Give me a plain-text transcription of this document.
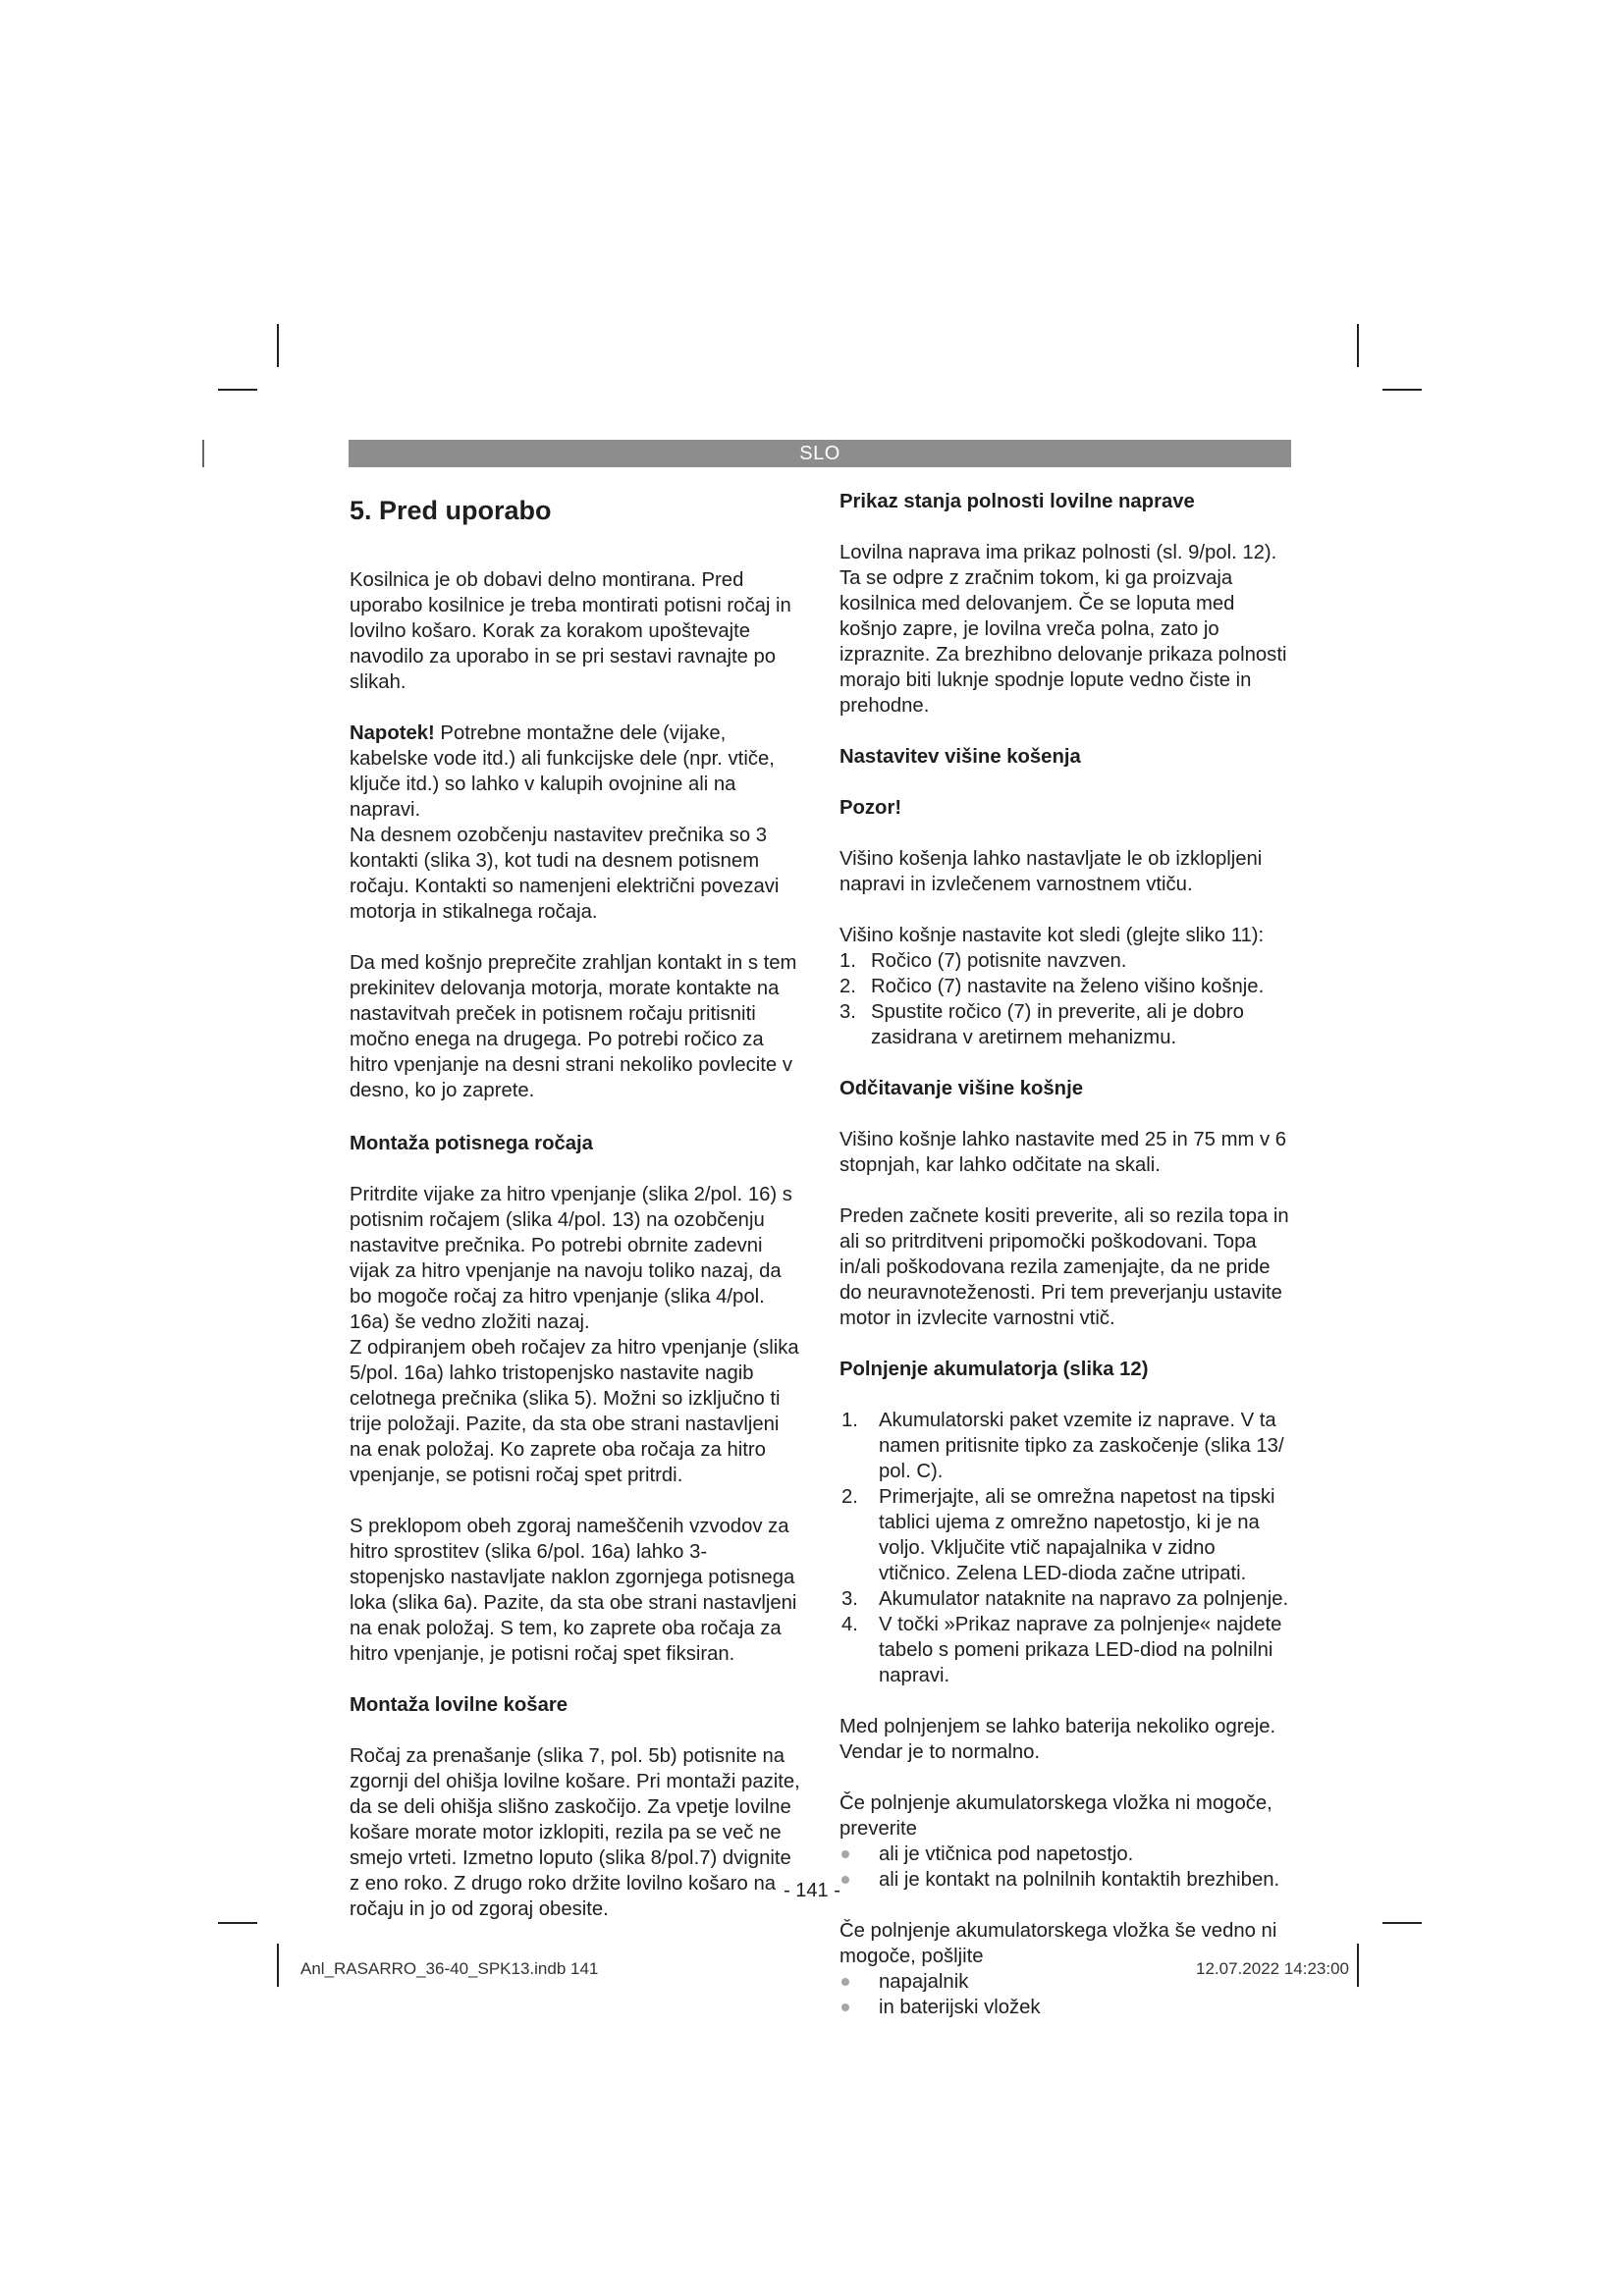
SLO
5. Pred uporabo

Kosilnica je ob dobavi delno montirana. Pred uporabo kosilnice je treba montirati potisni ročaj in lovilno košaro. Korak za korakom upoštevajte navodilo za uporabo in se pri sestavi ravnajte po slikah.

Napotek! Potrebne montažne dele (vijake, kabelske vode itd.) ali funkcijske dele (npr. vtiče, ključe itd.) so lahko v kalupih ovojnine ali na napravi.

Na desnem ozobčenju nastavitev prečnika so 3 kontakti (slika 3), kot tudi na desnem potisnem ročaju. Kontakti so namenjeni električni povezavi motorja in stikalnega ročaja.

Da med košnjo preprečite zrahljan kontakt in s tem prekinitev delovanja motorja, morate kontakte na nastavitvah preček in potisnem ročaju pritisniti močno enega na drugega. Po potrebi ročico za hitro vpenjanje na desni strani nekoliko povlecite v desno, ko jo zaprete.

Montaža potisnega ročaja

Pritrdite vijake za hitro vpenjanje (slika 2/pol. 16) s potisnim ročajem (slika 4/pol. 13) na ozobčenju nastavitve prečnika. Po potrebi obrnite zadevni vijak za hitro vpenjanje na navoju toliko nazaj, da bo mogoče ročaj za hitro vpenjanje (slika 4/pol. 16a) še vedno zložiti nazaj.

Z odpiranjem obeh ročajev za hitro vpenjanje (slika 5/pol. 16a) lahko tristopenjsko nastavite nagib celotnega prečnika (slika 5). Možni so izključno ti trije položaji. Pazite, da sta obe strani nastavljeni na enak položaj. Ko zaprete oba ročaja za hitro vpenjanje, se potisni ročaj spet pritrdi.

S preklopom obeh zgoraj nameščenih vzvodov za hitro sprostitev (slika 6/pol. 16a) lahko 3-stopenjsko nastavljate naklon zgornjega potisnega loka (slika 6a). Pazite, da sta obe strani nastavljeni na enak položaj. S tem, ko zaprete oba ročaja za hitro vpenjanje, je potisni ročaj spet fiksiran.

Montaža lovilne košare

Ročaj za prenašanje (slika 7, pol. 5b) potisnite na zgornji del ohišja lovilne košare. Pri montaži pazite, da se deli ohišja slišno zaskočijo. Za vpetje lovilne košare morate motor izklopiti, rezila pa se več ne smejo vrteti. Izmetno loputo (slika 8/pol.7) dvignite z eno roko. Z drugo roko držite lovilno košaro na ročaju in jo od zgoraj obesite.

Prikaz stanja polnosti lovilne naprave

Lovilna naprava ima prikaz polnosti (sl. 9/pol. 12). Ta se odpre z zračnim tokom, ki ga proizvaja kosilnica med delovanjem. Če se loputa med košnjo zapre, je lovilna vreča polna, zato jo izpraznite. Za brezhibno delovanje prikaza polnosti morajo biti luknje spodnje lopute vedno čiste in prehodne.

Nastavitev višine košenja

Pozor!

Višino košenja lahko nastavljate le ob izklopljeni napravi in izvlečenem varnostnem vtiču.

Višino košnje nastavite kot sledi (glejte sliko 11):

1. Ročico (7) potisnite navzven.
2. Ročico (7) nastavite na želeno višino košnje.
3. Spustite ročico (7) in preverite, ali je dobro zasidrana v aretirnem mehanizmu.

Odčitavanje višine košnje

Višino košnje lahko nastavite med 25 in 75 mm v 6 stopnjah, kar lahko odčitate na skali.

Preden začnete kositi preverite, ali so rezila topa in ali so pritrditveni pripomočki poškodovani. Topa in/ali poškodovana rezila zamenjajte, da ne pride do neuravnoteženosti. Pri tem preverjanju ustavite motor in izvlecite varnostni vtič.

Polnjenje akumulatorja (slika 12)

1. Akumulatorski paket vzemite iz naprave. V ta namen pritisnite tipko za zaskočenje (slika 13/ pol. C).
2. Primerjajte, ali se omrežna napetost na tipski tablici ujema z omrežno napetostjo, ki je na voljo. Vključite vtič napajalnika v zidno vtičnico. Zelena LED-dioda začne utripati.
3. Akumulator nataknite na napravo za polnjenje.
4. V točki »Prikaz naprave za polnjenje« najdete tabelo s pomeni prikaza LED-diod na polnilni napravi.

Med polnjenjem se lahko baterija nekoliko ogreje. Vendar je to normalno.

Če polnjenje akumulatorskega vložka ni mogoče, preverite

ali je vtičnica pod napetostjo.
ali je kontakt na polnilnih kontaktih brezhiben.

Če polnjenje akumulatorskega vložka še vedno ni mogoče, pošljite

napajalnik
in baterijski vložek
- 141 -
Anl_RASARRO_36-40_SPK13.indb 141	12.07.2022 14:23:00
